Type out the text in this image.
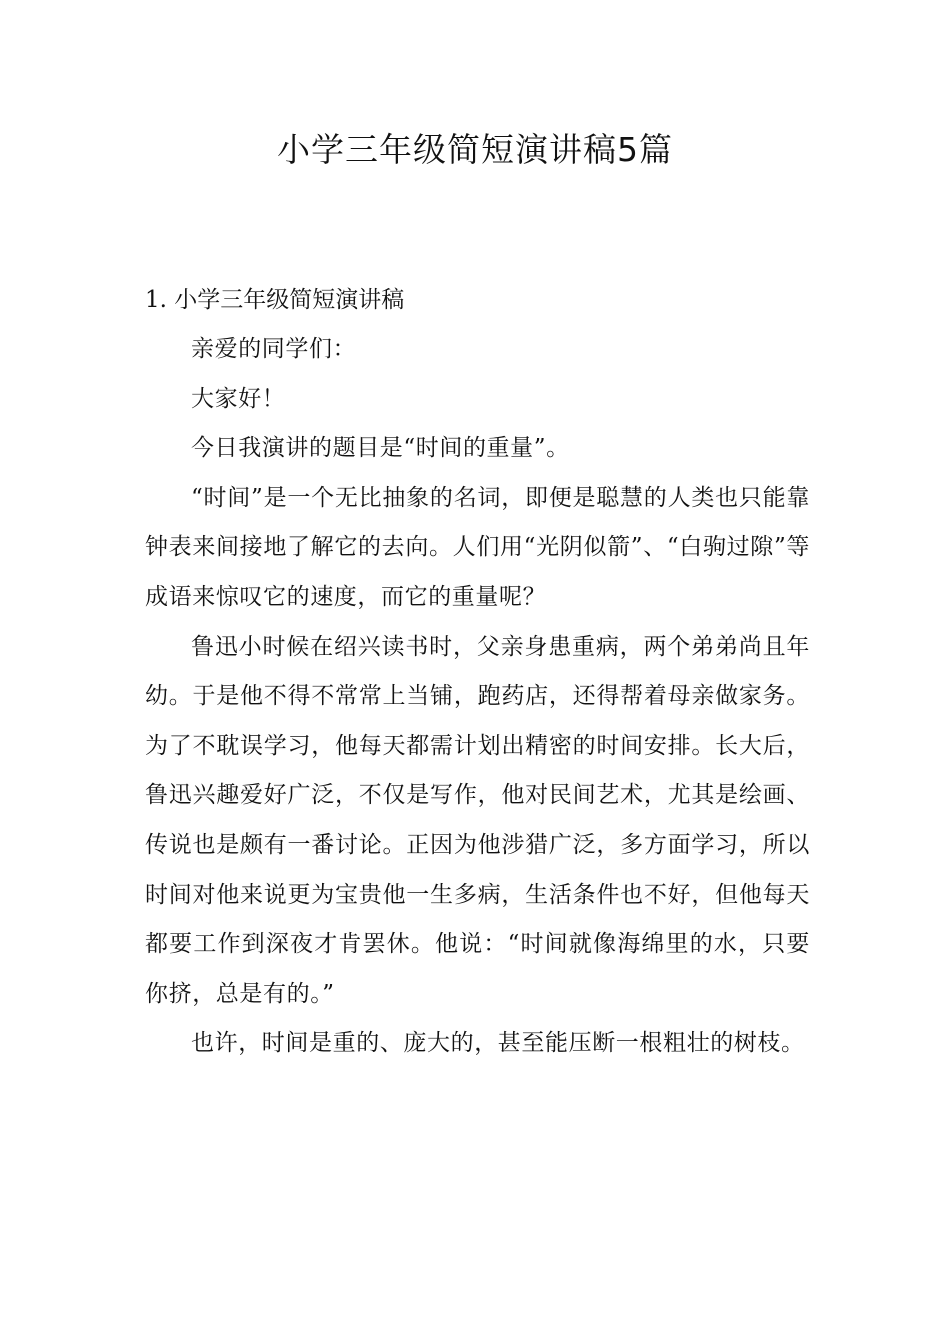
小学三年级简短演讲稿5篇
1. 小学三年级简短演讲稿

亲爱的同学们：

大家好！

今日我演讲的题目是“时间的重量”。

“时间”是一个无比抽象的名词，即便是聪慧的人类也只能靠钟表来间接地了解它的去向。人们用“光阴似箭”、“白驹过隙”等成语来惊叹它的速度，而它的重量呢？

鲁迅小时候在绍兴读书时，父亲身患重病，两个弟弟尚且年幼。于是他不得不常常上当铺，跑药店，还得帮着母亲做家务。为了不耽误学习，他每天都需计划出精密的时间安排。长大后，鲁迅兴趣爱好广泛，不仅是写作，他对民间艺术，尤其是绘画、传说也是颇有一番讨论。正因为他涉猎广泛，多方面学习，所以时间对他来说更为宝贵他一生多病，生活条件也不好，但他每天都要工作到深夜才肯罢休。他说：“时间就像海绵里的水，只要你挤，总是有的。”

也许，时间是重的、庞大的，甚至能压断一根粗壮的树枝。
